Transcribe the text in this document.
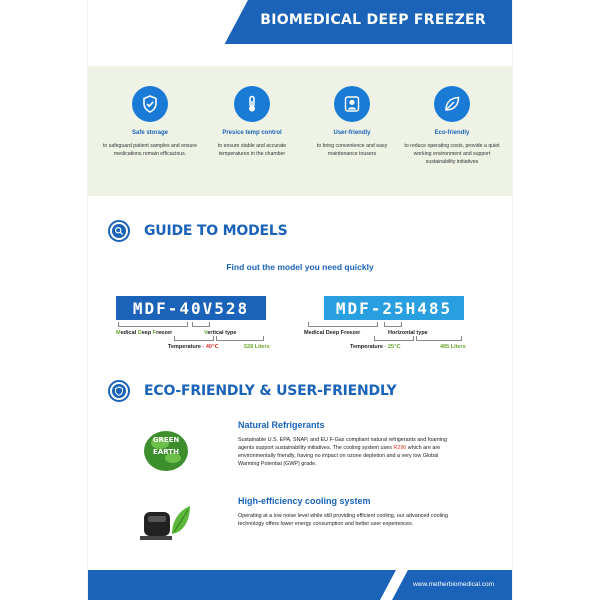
BIOMEDICAL DEEP FREEZER
Safe storage
to safeguard patient samples and ensure medications remain efficacious.
Presice temp control
to ensure stable and accurate temperatures in the chamber
User-friendly
to bring convenience and easy maintenance tousers
Eco-friendly
to reduce operating costs, provide a quiet working environment and support sustainability initiatives
GUIDE TO MODELS
Find out the model you need quickly
MDF-40V528
Medical Deep Freezer	Vertical type
Temperature - 40℃	528 Liters
MDF-25H485
Medical Deep Freezer	Horizontal type
Temperature - 25℃	485 Liters
ECO-FRIENDLY & USER-FRIENDLY
GREEN
EARTH
Natural Refrigerants
Sustainable U.S. EPA, SNAP, and EU F-Gas compliant natural refrigerants and foaming agents support sustainability initiatives. The cooling system uses R290 which are are environmentally friendly, having no impact on ozone depletion and a very low Global Warming Potential (GWP) grade.
High-efficiency cooling system
Operating at a low noise level while still providing efficient cooling, our advanced cooling technology offers lower energy consumption and better user experiences.
www.metherbiomedical.com
